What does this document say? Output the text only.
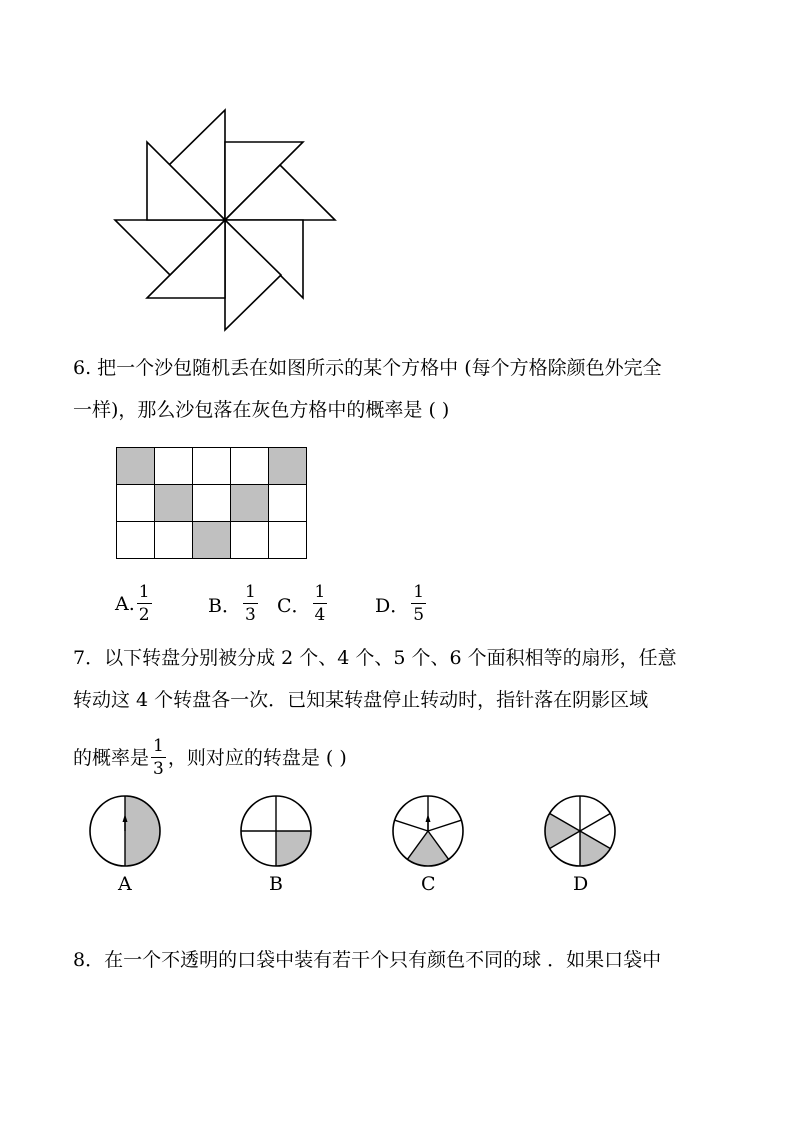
6. 把一个沙包随机丢在如图所示的某个方格中 (每个方格除颜色外完全
一样)，那么沙包落在灰色方格中的概率是 ( )

A. $\frac{1}{2}$	B． $\frac{1}{3}$ C． $\frac{1}{4}$	D． $\frac{1}{5}$
7．以下转盘分别被分成 2 个、4 个、5 个、6 个面积相等的扇形，任意
转动这 4 个转盘各一次．已知某转盘停止转动时，指针落在阴影区域
的概率是 $\frac{1}{3}$ ，则对应的转盘是 ( )
A	B	C	D
8．在一个不透明的口袋中装有若干个只有颜色不同的球 ．如果口袋中
